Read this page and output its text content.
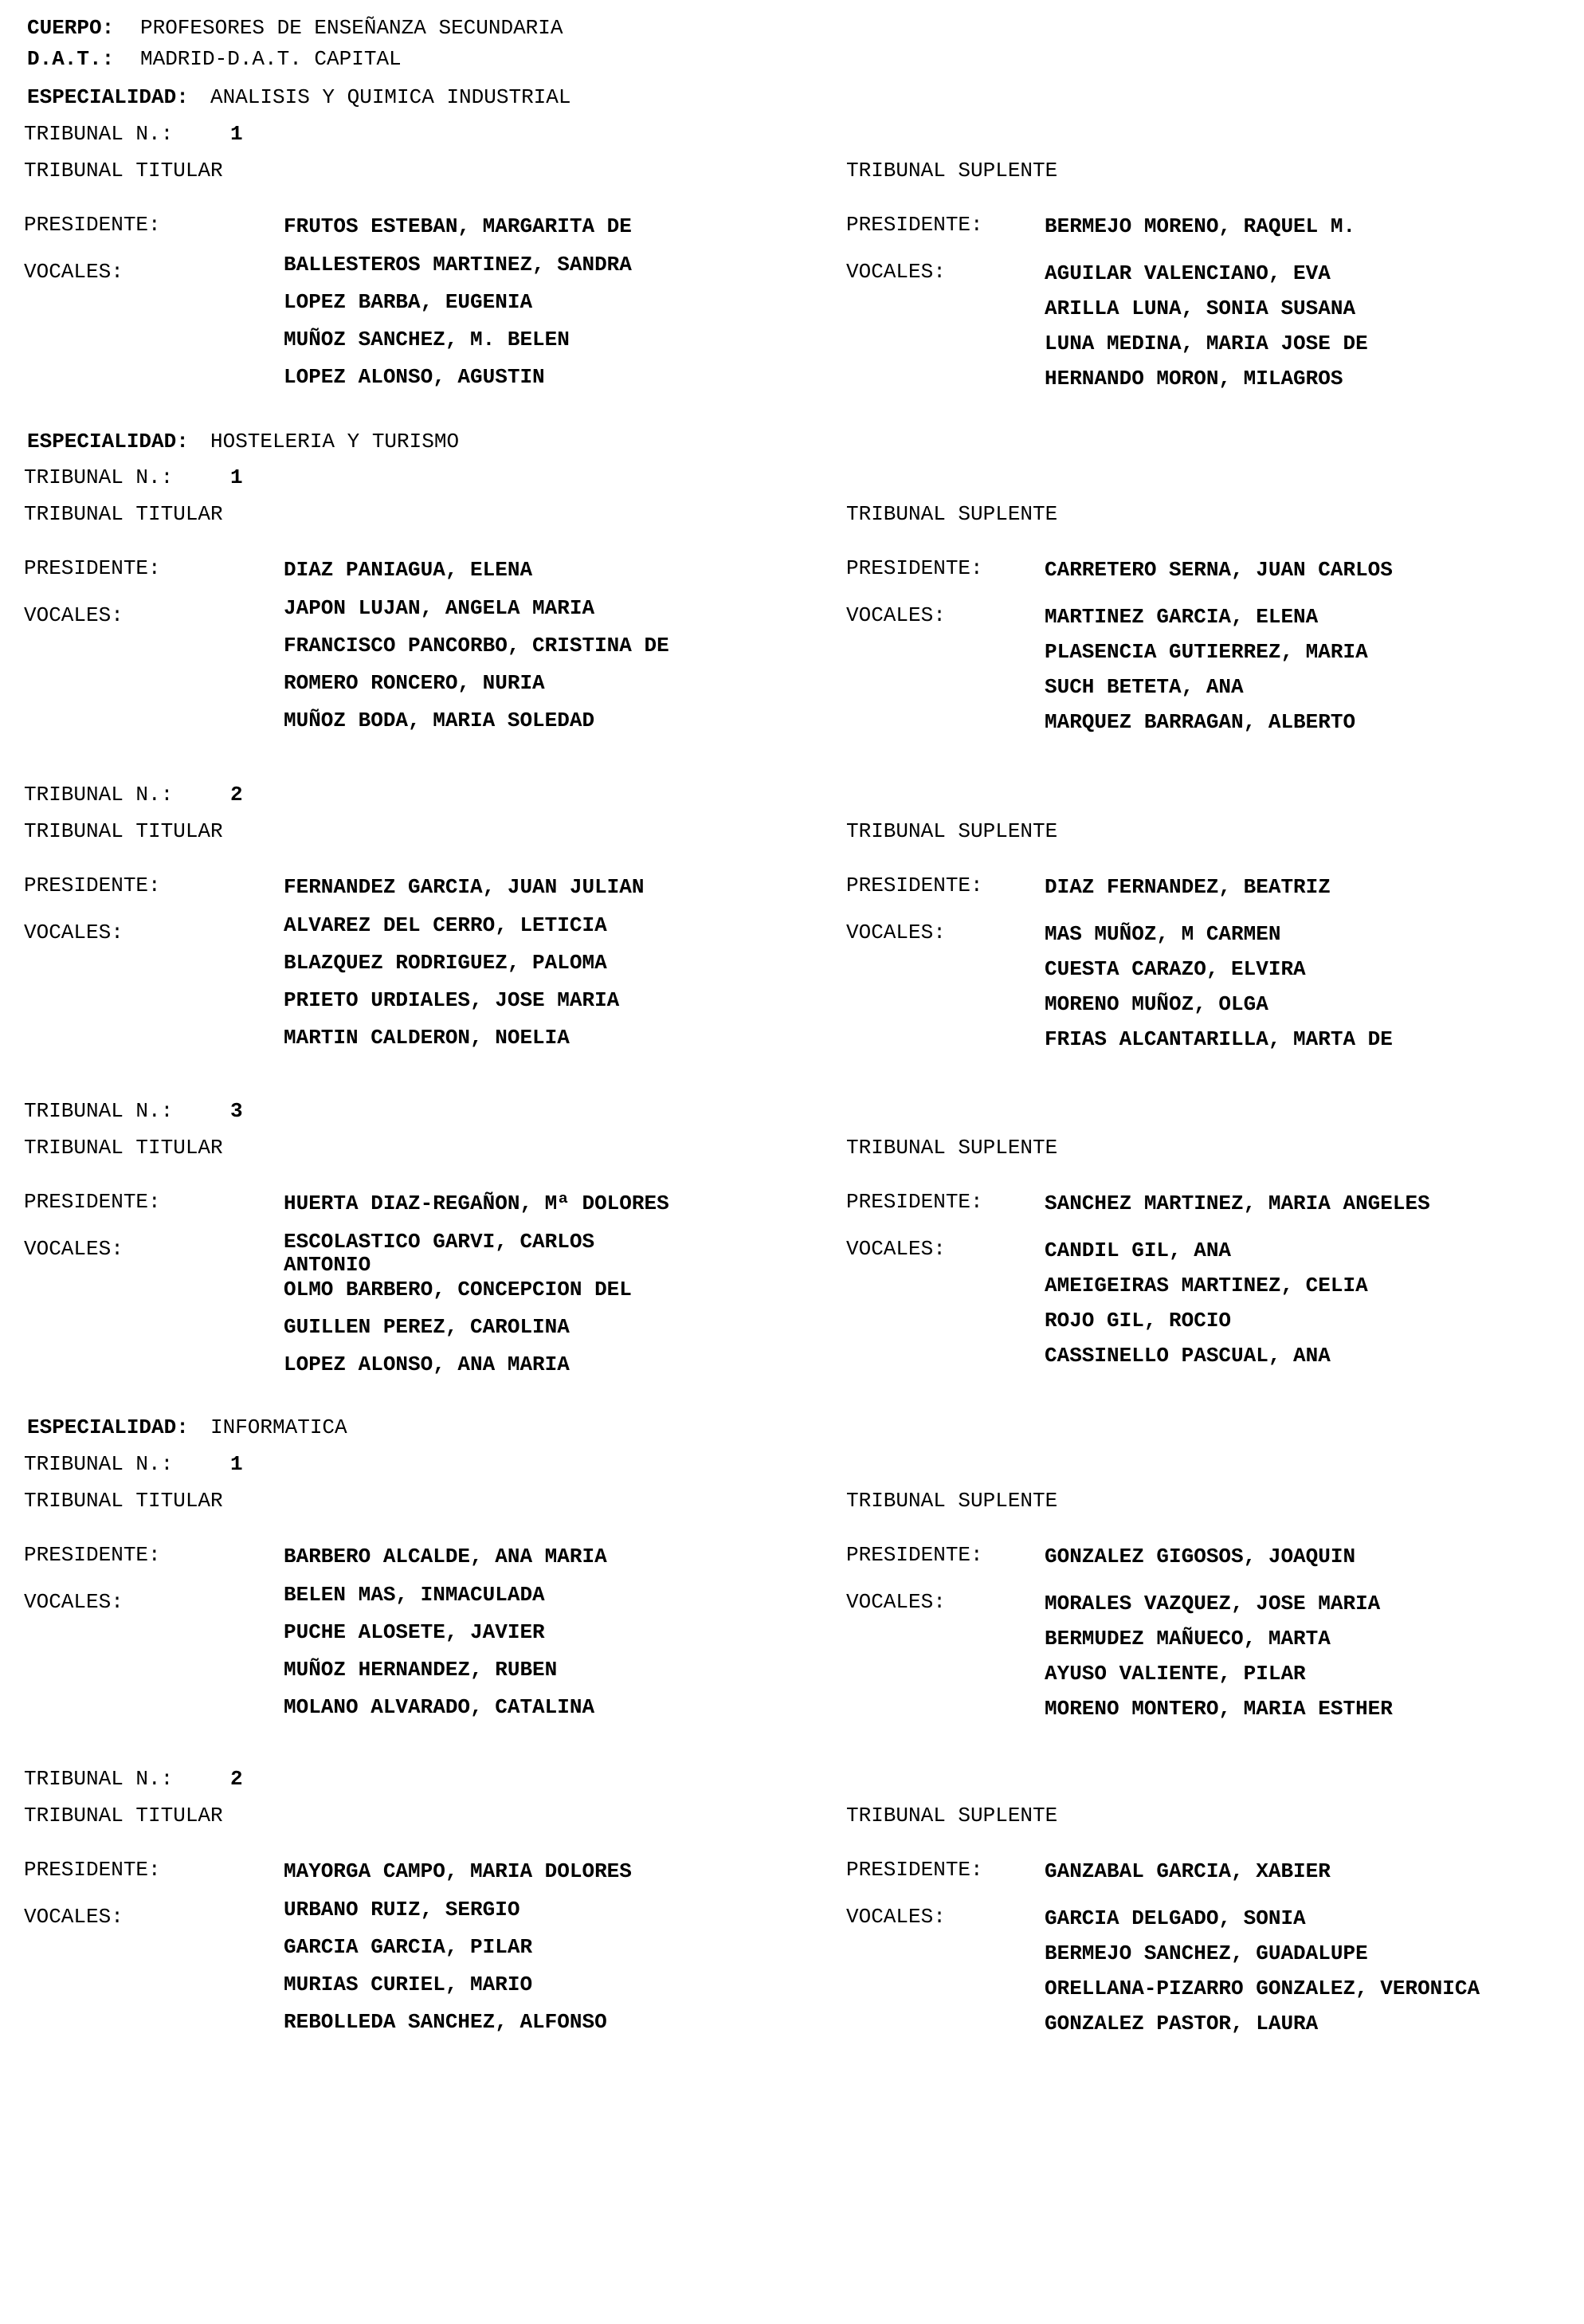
CUERPO: PROFESORES DE ENSEÑANZA SECUNDARIA
D.A.T.: MADRID-D.A.T. CAPITAL
ESPECIALIDAD: ANALISIS Y QUIMICA INDUSTRIAL
TRIBUNAL N.:	1
TRIBUNAL TITULAR	TRIBUNAL SUPLENTE
PRESIDENTE:	FRUTOS ESTEBAN, MARGARITA DE
VOCALES:	BALLESTEROS MARTINEZ, SANDRA
LOPEZ BARBA, EUGENIA
MUÑOZ SANCHEZ, M. BELEN
LOPEZ ALONSO, AGUSTIN
PRESIDENTE:	BERMEJO MORENO, RAQUEL M.
VOCALES:	AGUILAR VALENCIANO, EVA
ARILLA LUNA, SONIA SUSANA
LUNA MEDINA, MARIA JOSE DE
HERNANDO MORON, MILAGROS
ESPECIALIDAD: HOSTELERIA Y TURISMO
TRIBUNAL N.:	1
TRIBUNAL TITULAR	TRIBUNAL SUPLENTE
PRESIDENTE:	DIAZ PANIAGUA, ELENA
VOCALES:	JAPON LUJAN, ANGELA MARIA
FRANCISCO PANCORBO, CRISTINA DE
ROMERO RONCERO, NURIA
MUÑOZ BODA, MARIA SOLEDAD
PRESIDENTE:	CARRETERO SERNA, JUAN CARLOS
VOCALES:	MARTINEZ GARCIA, ELENA
PLASENCIA GUTIERREZ, MARIA
SUCH BETETA, ANA
MARQUEZ BARRAGAN, ALBERTO
TRIBUNAL N.:	2
TRIBUNAL TITULAR	TRIBUNAL SUPLENTE
PRESIDENTE:	FERNANDEZ GARCIA, JUAN JULIAN
VOCALES:	ALVAREZ DEL CERRO, LETICIA
BLAZQUEZ RODRIGUEZ, PALOMA
PRIETO URDIALES, JOSE MARIA
MARTIN CALDERON, NOELIA
PRESIDENTE:	DIAZ FERNANDEZ, BEATRIZ
VOCALES:	MAS MUÑOZ, M CARMEN
CUESTA CARAZO, ELVIRA
MORENO MUÑOZ, OLGA
FRIAS ALCANTARILLA, MARTA DE
TRIBUNAL N.:	3
TRIBUNAL TITULAR	TRIBUNAL SUPLENTE
PRESIDENTE:	HUERTA DIAZ-REGAÑON, Mª DOLORES
VOCALES:	ESCOLASTICO GARVI, CARLOS
ANTONIO
OLMO BARBERO, CONCEPCION DEL
GUILLEN PEREZ, CAROLINA
LOPEZ ALONSO, ANA MARIA
PRESIDENTE:	SANCHEZ MARTINEZ, MARIA ANGELES
VOCALES:	CANDIL GIL, ANA
AMEIGEIRAS MARTINEZ, CELIA
ROJO GIL, ROCIO
CASSINELLO PASCUAL, ANA
ESPECIALIDAD: INFORMATICA
TRIBUNAL N.:	1
TRIBUNAL TITULAR	TRIBUNAL SUPLENTE
PRESIDENTE:	BARBERO ALCALDE, ANA MARIA
VOCALES:	BELEN MAS, INMACULADA
PUCHE ALOSETE, JAVIER
MUÑOZ HERNANDEZ, RUBEN
MOLANO ALVARADO, CATALINA
PRESIDENTE:	GONZALEZ GIGOSOS, JOAQUIN
VOCALES:	MORALES VAZQUEZ, JOSE MARIA
BERMUDEZ MAÑUECO, MARTA
AYUSO VALIENTE, PILAR
MORENO MONTERO, MARIA ESTHER
TRIBUNAL N.:	2
TRIBUNAL TITULAR	TRIBUNAL SUPLENTE
PRESIDENTE:	MAYORGA CAMPO, MARIA DOLORES
VOCALES:	URBANO RUIZ, SERGIO
GARCIA GARCIA, PILAR
MURIAS CURIEL, MARIO
REBOLLEDA SANCHEZ, ALFONSO
PRESIDENTE:	GANZABAL GARCIA, XABIER
VOCALES:	GARCIA DELGADO, SONIA
BERMEJO SANCHEZ, GUADALUPE
ORELLANA-PIZARRO GONZALEZ, VERONICA
GONZALEZ PASTOR, LAURA
